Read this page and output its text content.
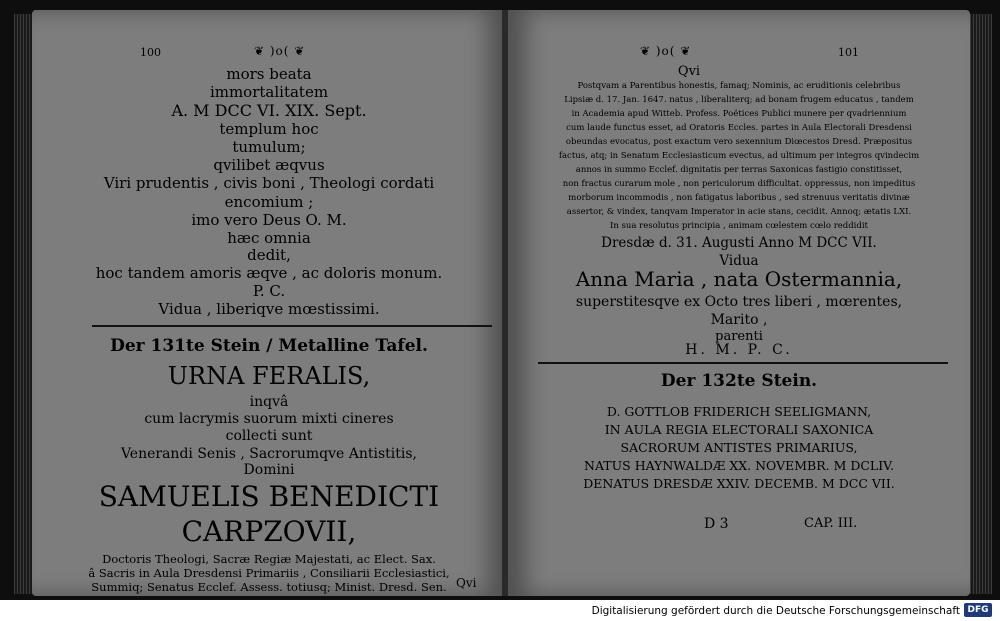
100	❦ )o( ❦
mors beata
immortalitatem
A. M DCC VI. XIX. Sept.
templum hoc
tumulum;
qvilibet æqvus
Viri prudentis , civis boni , Theologi cordati
encomium ;
imo vero Deus O. M.
hæc omnia
dedit,
hoc tandem amoris æqve , ac doloris monum.
P. C.
Vidua , liberiqve mœstissimi.
Der 131te Stein / Metalline Tafel.
URNA FERALIS,
inqvâ
cum lacrymis suorum mixti cineres
collecti sunt
Venerandi Senis , Sacrorumqve Antistitis,
Domini
SAMUELIS BENEDICTI
CARPZOVII,
Doctoris Theologi, Sacræ Regiæ Majestati, ac Elect. Sax.
â Sacris in Aula Dresdensi Primariis , Consiliarii Ecclesiastici,
Summiq; Senatus Ecclef. Assess. totiusq; Minist. Dresd. Sen. Qvi
❦ )o( ❦	101
Qvi
Postqvam a Parentibus honestis, famaq; Nominis, ac eruditionis celebribus
Lipsiæ d. 17. Jan. 1647. natus , liberaliterq; ad bonam frugem educatus , tandem
in Academia apud Witteb. Profess. Poëtices Publici munere per qvadriennium
cum laude functus esset, ad Oratoris Eccles. partes in Aula Electorali Dresdensi
obeundas evocatus, post exactum vero sexennium Diœcestos Dresd. Præpositus
factus, atq; in Senatum Ecclesiasticum evectus, ad ultimum per integros qvindecim
annos in summo Ecclef. dignitatis per terras Saxonicas fastigio constitisset,
non fractus curarum mole , non periculorum difficultat. oppressus, non impeditus
morborum incommodis , non fatigatus laboribus , sed strenuus veritatis divinæ
assertor, & vindex, tanqvam Imperator in acie stans, cecidit. Annoq; ætatis LXI.
In sua resolutus principia , animam cœlestem cœlo reddidit
Dresdæ d. 31. Augusti Anno M DCC VII.
Vidua
Anna Maria , nata Ostermannia,
superstitesqve ex Octo tres liberi , mœrentes,
Marito ,
parenti
H. M. P. C.
Der 132te Stein.
D. GOTTLOB FRIDERICH SEELIGMANN,
IN AULA REGIA ELECTORALI SAXONICA
SACRORUM ANTISTES PRIMARIUS,
NATUS HAYNWALDÆ XX. NOVEMBR. M DCLIV.
DENATUS DRESDÆ XXIV. DECEMB. M DCC VII.
D 3	CAP. III.
Digitalisierung gefördert durch die Deutsche Forschungsgemeinschaft DFG
